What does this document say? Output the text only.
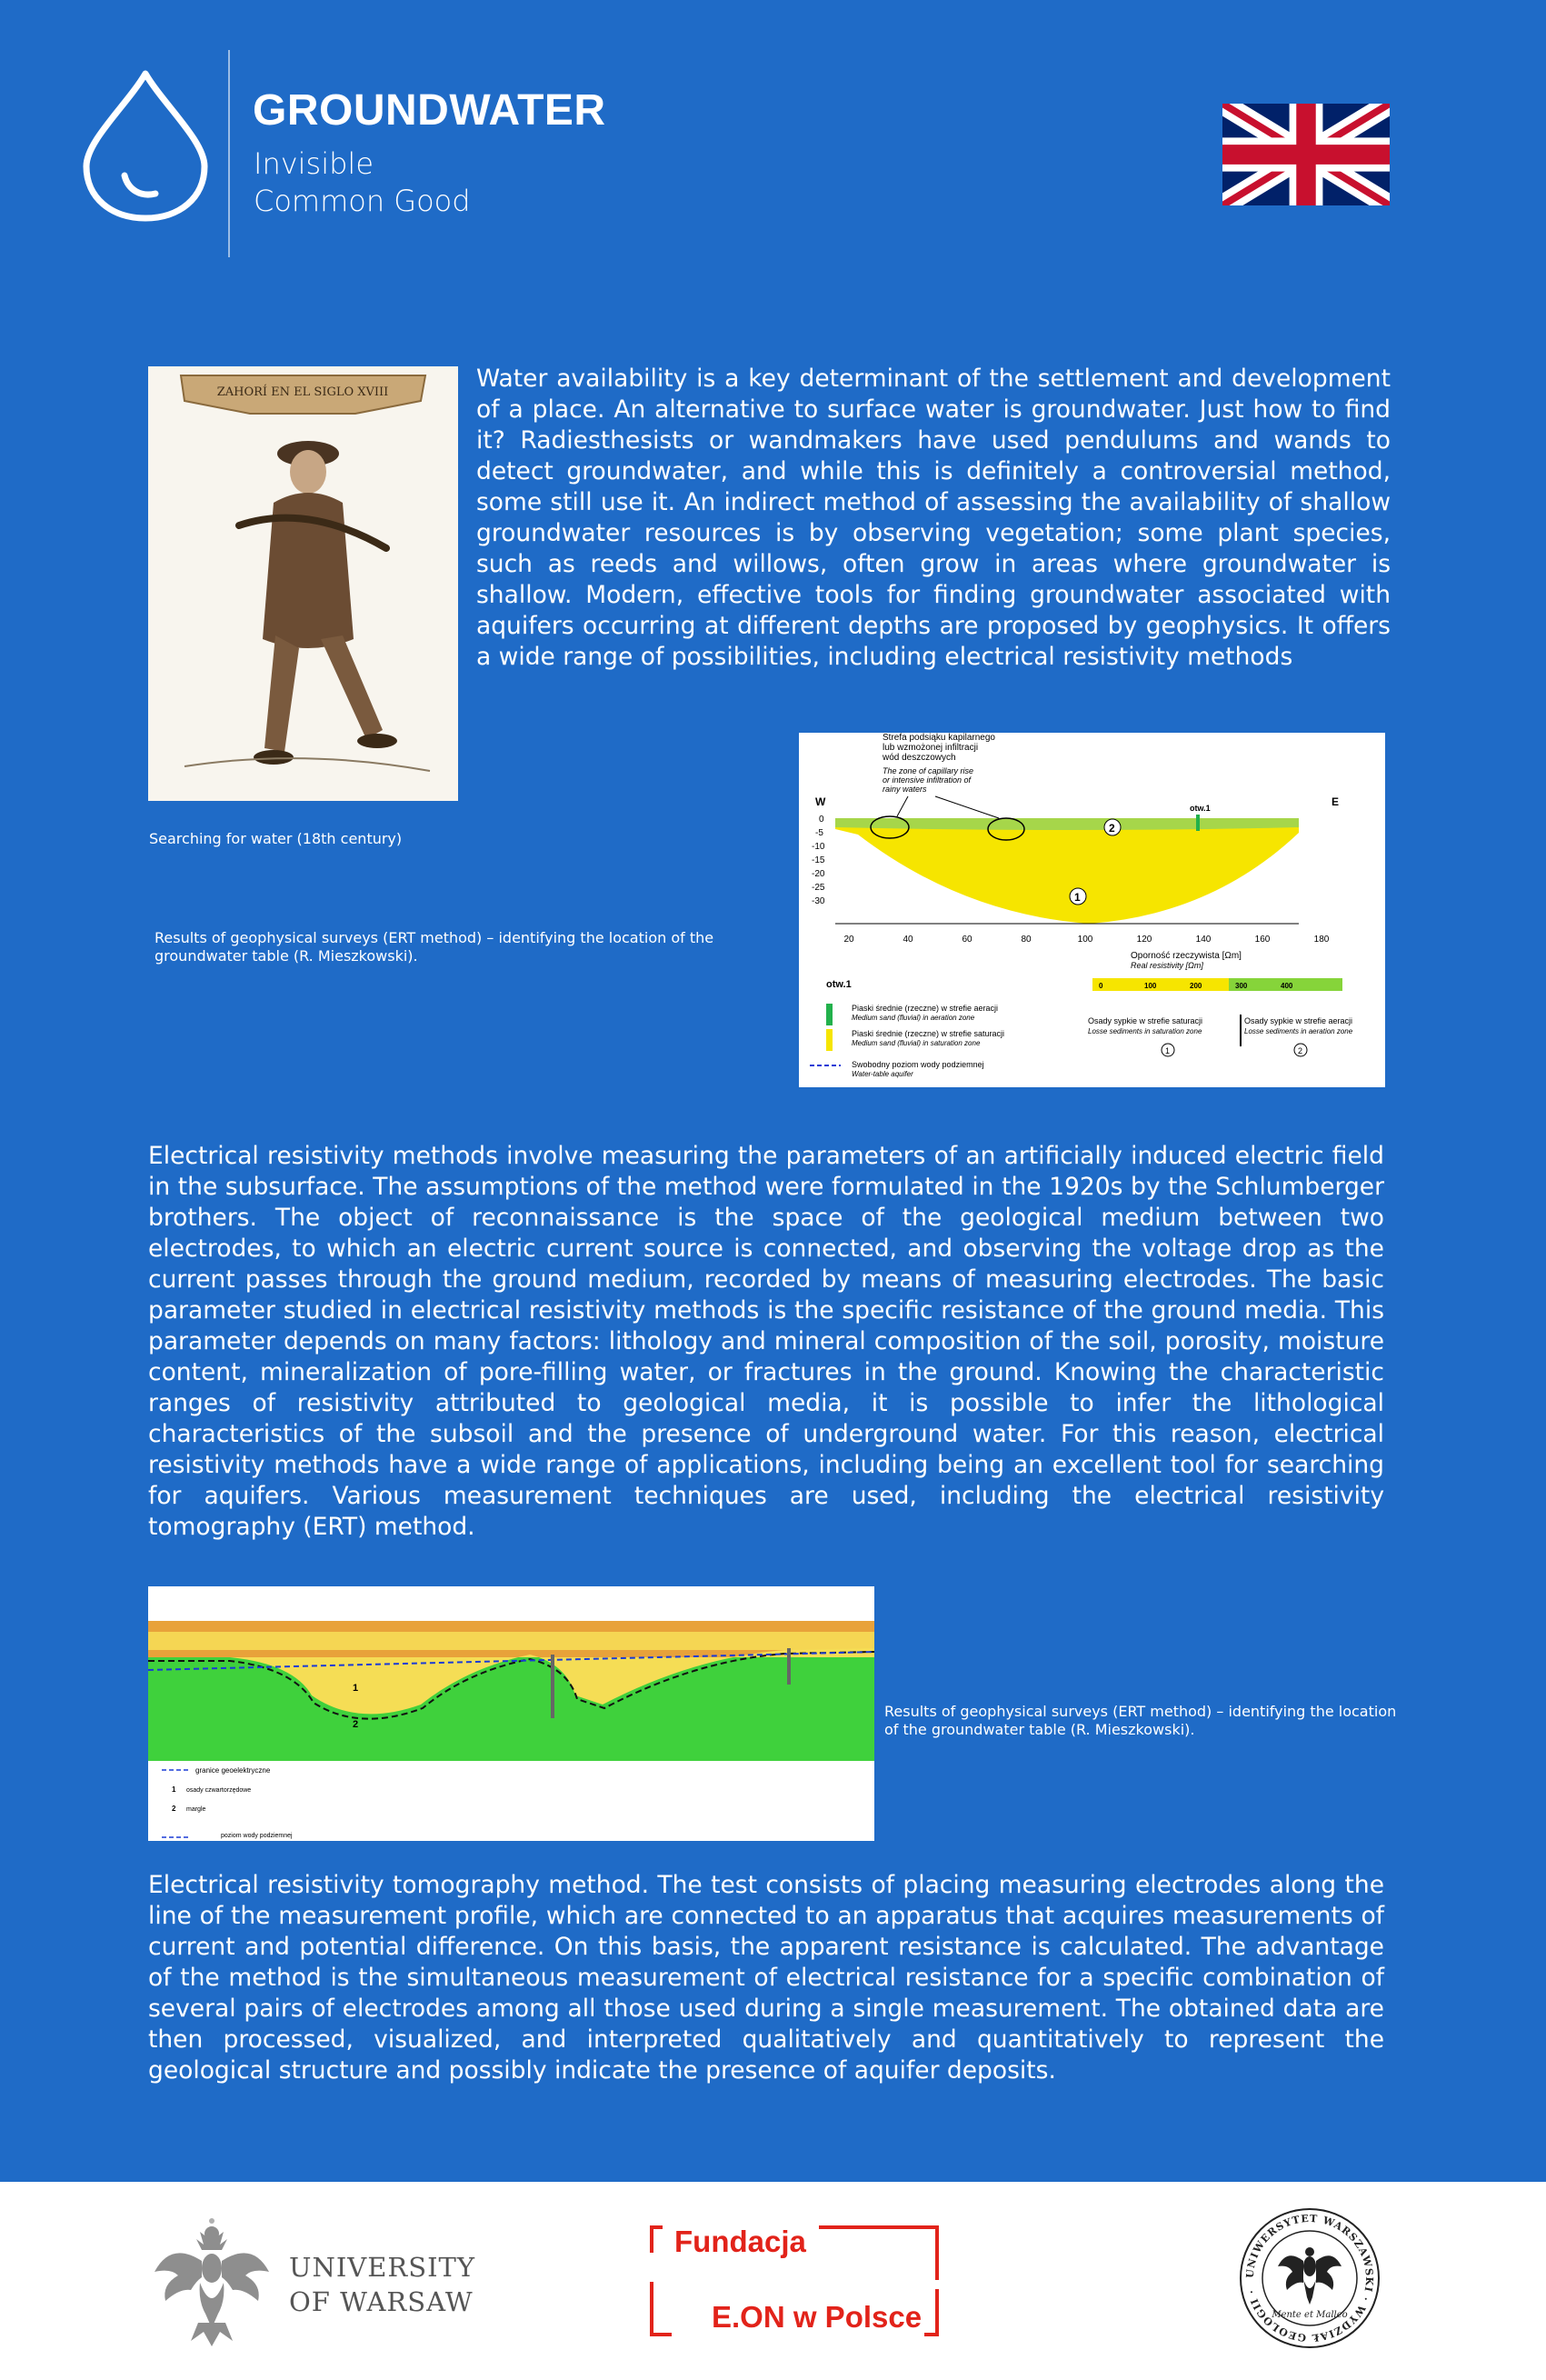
GROUNDWATER
Invisible
Common Good
ZAHORÍ EN EL SIGLO XVIII	Water availability is a key determinant of the settlement and development of a place. An alternative to surface water is groundwater. Just how to find it? Radiesthesists or wandmakers have used pendulums and wands to detect groundwater, and while this is definitely a controversial method, some still use it. An indirect method of assessing the availability of shallow groundwater resources is by observing vegetation; some plant species, such as reeds and willows, often grow in areas where groundwater is shallow. Modern, effective tools for finding groundwater associated with aquifers occurring at different depths are proposed by geophysics. It offers a wide range of possibilities, including electrical resistivity methods
Searching for water (18th century)
Results of geophysical surveys (ERT method) – identifying the location of the groundwater table (R. Mieszkowski).
Strefa podsiąku kapilarnego lub wzmożonej infiltracji wód deszczowych
The zone of capillary rise or intensive infiltration of rainy waters
W	E
otw.1
1
2
0
-5
-10
-15
-20
-25
-30
20	40	60	80	100	120	140	160	180
Oporność rzeczywista [Ωm]
Real resistivity [Ωm]
0	100	200	300	400
Osady sypkie w strefie saturacji
Losse sediments in saturation zone
Osady sypkie w strefie aeracji
Losse sediments in aeration zone
1	2
otw.1
Piaski średnie (rzeczne) w strefie aeracji
Medium sand (fluvial) in aeration zone
Piaski średnie (rzeczne) w strefie saturacji
Medium sand (fluvial) in saturation zone
Swobodny poziom wody podziemnej
Water-table aquifer
Electrical resistivity methods involve measuring the parameters of an artificially induced electric field in the subsurface. The assumptions of the method were formulated in the 1920s by the Schlumberger brothers. The object of reconnaissance is the space of the geological medium between two electrodes, to which an electric current source is connected, and observing the voltage drop as the current passes through the ground medium, recorded by means of measuring electrodes. The basic parameter studied in electrical resistivity methods is the specific resistance of the ground media. This parameter depends on many factors: lithology and mineral composition of the soil, porosity, moisture content, mineralization of pore-filling water, or fractures in the ground. Knowing the characteristic ranges of resistivity attributed to geological media, it is possible to infer the lithological characteristics of the subsoil and the presence of underground water. For this reason, electrical resistivity methods have a wide range of applications, including being an excellent tool for searching for aquifers. Various measurement techniques are used, including the electrical resistivity tomography (ERT) method.
1
2
granice geoelektryczne
1 osady czwartorzędowe
2 margle
poziom wody podziemnej
Results of geophysical surveys (ERT method) – identifying the location of the groundwater table (R. Mieszkowski).
Electrical resistivity tomography method. The test consists of placing measuring electrodes along the line of the measurement profile, which are connected to an apparatus that acquires measurements of current and potential difference. On this basis, the apparent resistance is calculated. The advantage of the method is the simultaneous measurement of electrical resistance for a specific combination of several pairs of electrodes among all those used during a single measurement. The obtained data are then processed, visualized, and interpreted qualitatively and quantitatively to represent the geological structure and possibly indicate the presence of aquifer deposits.
UNIVERSITY
OF WARSAW
Fundacja
E.ON w Polsce
UNIWERSYTET WARSZAWSKI · WYDZIAŁ GEOLOGII ·
Mente et Malleo
